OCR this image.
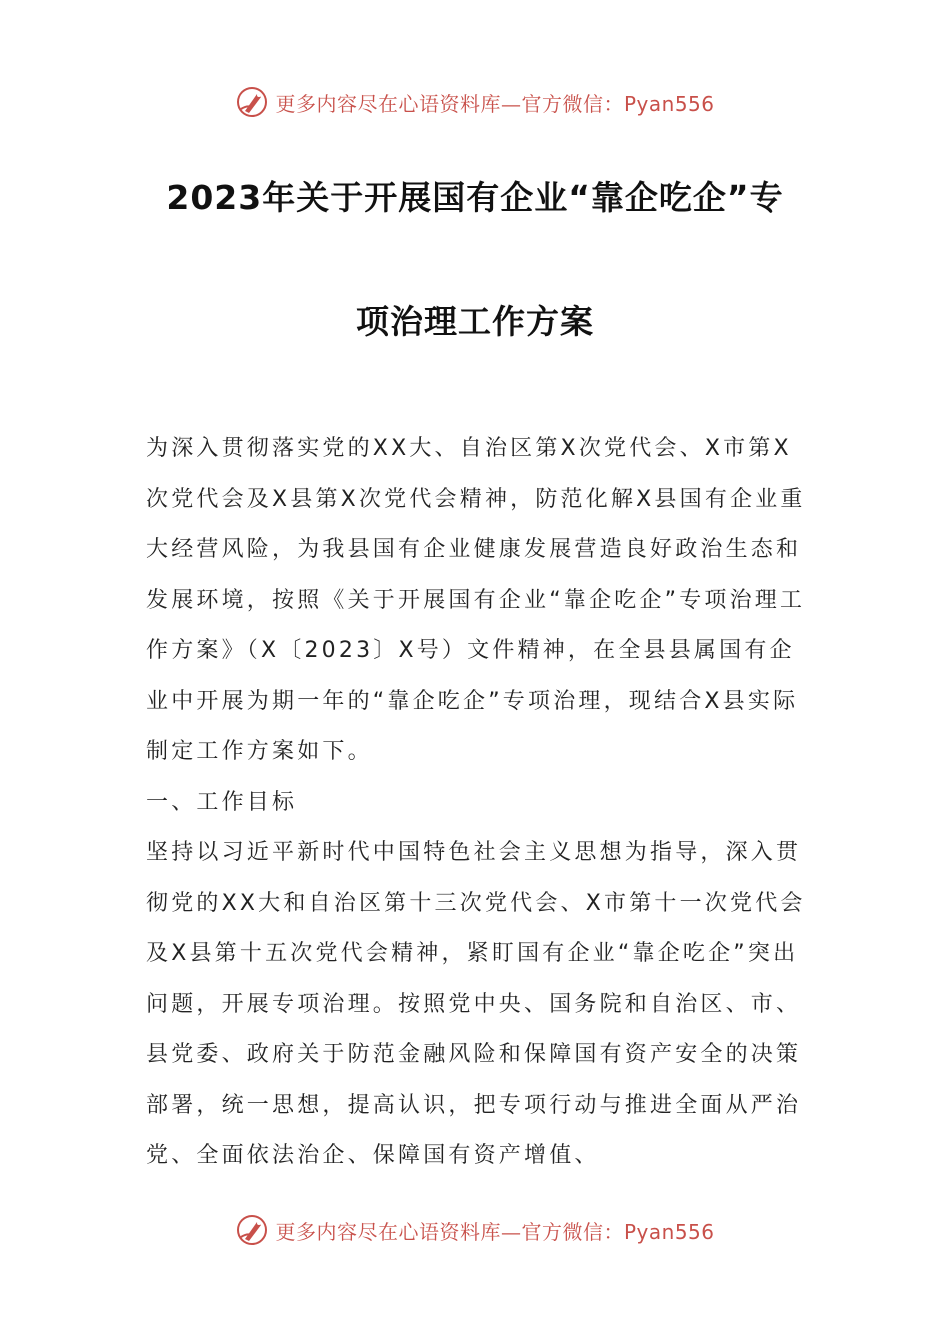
更多内容尽在心语资料库—官方微信：Pyan556
2023年关于开展国有企业“靠企吃企”专
项治理工作方案

为深入贯彻落实党的XX大、自治区第X次党代会、X市第X次党代会及X县第X次党代会精神，防范化解X县国有企业重大经营风险，为我县国有企业健康发展营造良好政治生态和发展环境，按照《关于开展国有企业“靠企吃企”专项治理工作方案》（X〔2023〕X号）文件精神，在全县县属国有企业中开展为期一年的“靠企吃企”专项治理，现结合X县实际制定工作方案如下。

一、工作目标

坚持以习近平新时代中国特色社会主义思想为指导，深入贯彻党的XX大和自治区第十三次党代会、X市第十一次党代会及X县第十五次党代会精神，紧盯国有企业“靠企吃企”突出问题，开展专项治理。按照党中央、国务院和自治区、市、县党委、政府关于防范金融风险和保障国有资产安全的决策部署，统一思想，提高认识，把专项行动与推进全面从严治党、全面依法治企、保障国有资产增值、

更多内容尽在心语资料库—官方微信：Pyan556
